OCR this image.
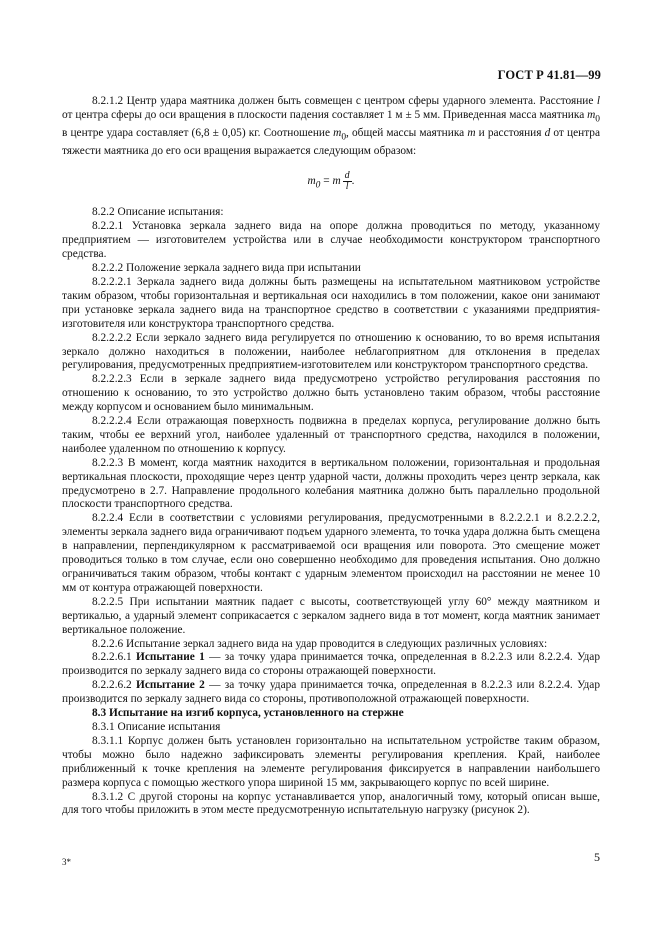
ГОСТ Р 41.81—99

8.2.1.2 Центр удара маятника должен быть совмещен с центром сферы ударного элемента. Расстояние l от центра сферы до оси вращения в плоскости падения составляет 1 м ± 5 мм. Приведенная масса маятника $m_0$ в центре удара составляет (6,8 ± 0,05) кг. Соотношение $m_0$, общей массы маятника m и расстояния d от центра тяжести маятника до его оси вращения выражается следующим образом:

$m_0 = m \frac{d}{l}$ .

8.2.2 Описание испытания:

8.2.2.1 Установка зеркала заднего вида на опоре должна проводиться по методу, указанному предприятием — изготовителем устройства или в случае необходимости конструктором транспортного средства.

8.2.2.2 Положение зеркала заднего вида при испытании

8.2.2.2.1 Зеркала заднего вида должны быть размещены на испытательном маятниковом устройстве таким образом, чтобы горизонтальная и вертикальная оси находились в том положении, какое они занимают при установке зеркала заднего вида на транспортное средство в соответствии с указаниями предприятия-изготовителя или конструктора транспортного средства.

8.2.2.2.2 Если зеркало заднего вида регулируется по отношению к основанию, то во время испытания зеркало должно находиться в положении, наиболее неблагоприятном для отклонения в пределах регулирования, предусмотренных предприятием-изготовителем или конструктором транспортного средства.

8.2.2.2.3 Если в зеркале заднего вида предусмотрено устройство регулирования расстояния по отношению к основанию, то это устройство должно быть установлено таким образом, чтобы расстояние между корпусом и основанием было минимальным.

8.2.2.2.4 Если отражающая поверхность подвижна в пределах корпуса, регулирование должно быть таким, чтобы ее верхний угол, наиболее удаленный от транспортного средства, находился в положении, наиболее удаленном по отношению к корпусу.

8.2.2.3 В момент, когда маятник находится в вертикальном положении, горизонтальная и продольная вертикальная плоскости, проходящие через центр ударной части, должны проходить через центр зеркала, как предусмотрено в 2.7. Направление продольного колебания маятника должно быть параллельно продольной плоскости транспортного средства.

8.2.2.4 Если в соответствии с условиями регулирования, предусмотренными в 8.2.2.2.1 и 8.2.2.2.2, элементы зеркала заднего вида ограничивают подъем ударного элемента, то точка удара должна быть смещена в направлении, перпендикулярном к рассматриваемой оси вращения или поворота. Это смещение может проводиться только в том случае, если оно совершенно необходимо для проведения испытания. Оно должно ограничиваться таким образом, чтобы контакт с ударным элементом происходил на расстоянии не менее 10 мм от контура отражающей поверхности.

8.2.2.5 При испытании маятник падает с высоты, соответствующей углу 60° между маятником и вертикалью, а ударный элемент соприкасается с зеркалом заднего вида в тот момент, когда маятник занимает вертикальное положение.

8.2.2.6 Испытание зеркал заднего вида на удар проводится в следующих различных условиях:

8.2.2.6.1 Испытание 1 — за точку удара принимается точка, определенная в 8.2.2.3 или 8.2.2.4. Удар производится по зеркалу заднего вида со стороны отражающей поверхности.

8.2.2.6.2 Испытание 2 — за точку удара принимается точка, определенная в 8.2.2.3 или 8.2.2.4. Удар производится по зеркалу заднего вида со стороны, противоположной отражающей поверхности.

8.3 Испытание на изгиб корпуса, установленного на стержне

8.3.1 Описание испытания

8.3.1.1 Корпус должен быть установлен горизонтально на испытательном устройстве таким образом, чтобы можно было надежно зафиксировать элементы регулирования крепления. Край, наиболее приближенный к точке крепления на элементе регулирования фиксируется в направлении наибольшего размера корпуса с помощью жесткого упора шириной 15 мм, закрывающего корпус по всей ширине.

8.3.1.2 С другой стороны на корпус устанавливается упор, аналогичный тому, который описан выше, для того чтобы приложить в этом месте предусмотренную испытательную нагрузку (рисунок 2).

3*	5
